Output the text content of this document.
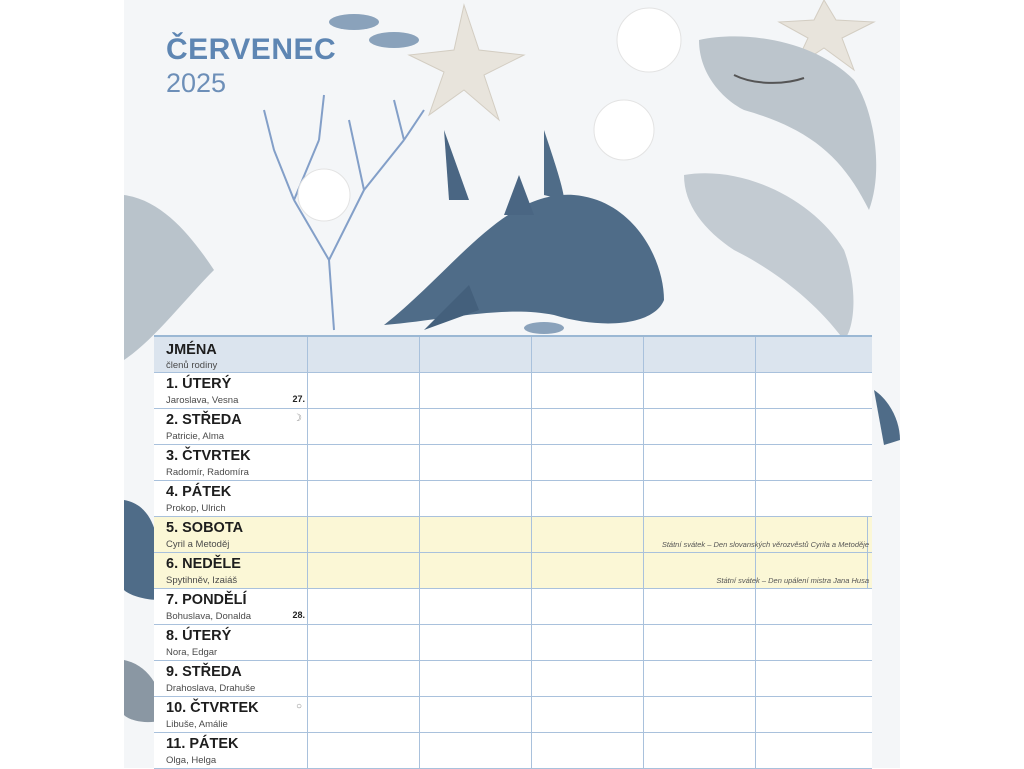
ČERVENEC
2025
JMÉNA
členů rodiny
1. ÚTERÝ
Jaroslava, Vesna	27.
2. STŘEDA
Patricie, Alma
☽
3. ČTVRTEK
Radomír, Radomíra
4. PÁTEK
Prokop, Ulrich
5. SOBOTA
Cyril a Metoděj	Státní svátek – Den slovanských věrozvěstů Cyrila a Metoděje
6. NEDĚLE
Spytihněv, Izaiáš	Státní svátek – Den upálení mistra Jana Husa
7. PONDĚLÍ
Bohuslava, Donalda	28.
8. ÚTERÝ
Nora, Edgar
9. STŘEDA
Drahoslava, Drahuše
10. ČTVRTEK
Libuše, Amálie
○
11. PÁTEK
Olga, Helga
